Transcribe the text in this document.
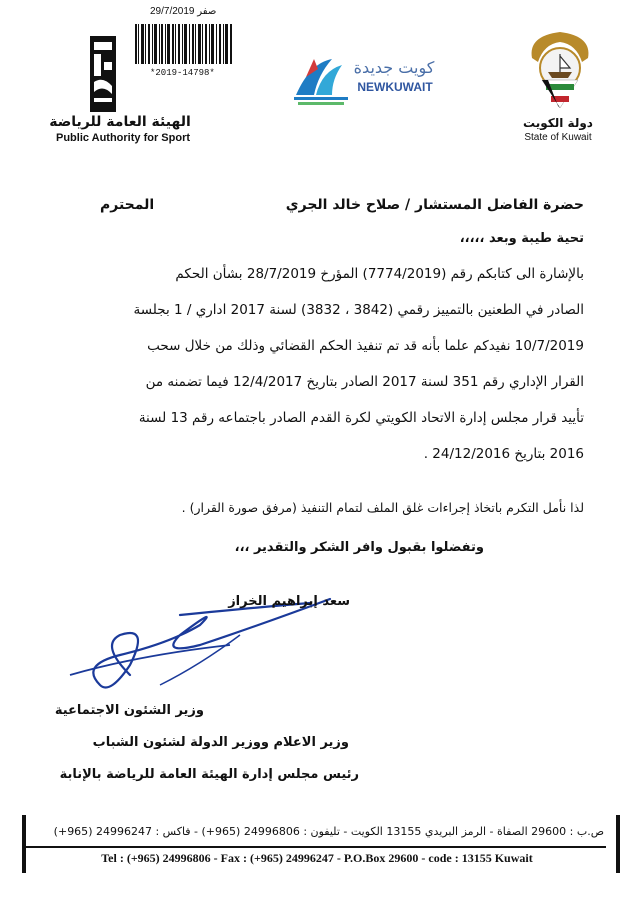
29/7/2019 صفر
*2019-14798*
الهيئة العامة للرياضة
Public Authority for Sport
كويت جديدة
NEWKUWAIT
دولة الكويت
State of Kuwait
حضرة الفاضل المستشار / صلاح خالد الجري
المحترم
تحية طيبة وبعد ،،،،،
بالإشارة الى كتابكم رقم (7774/2019) المؤرخ 28/7/2019 بشأن الحكم
الصادر في الطعنين بالتمييز رقمي (3842 ، 3832) لسنة 2017 اداري / 1 بجلسة
10/7/2019 نفيدكم علما بأنه قد تم تنفيذ الحكم القضائي وذلك من خلال سحب
القرار الإداري رقم 351 لسنة 2017 الصادر بتاريخ 12/4/2017 فيما تضمنه من
تأييد قرار مجلس إدارة الاتحاد الكويتي لكرة القدم الصادر باجتماعه رقم 13 لسنة
2016 بتاريخ 24/12/2016 .
لذا نأمل التكرم باتخاذ إجراءات غلق الملف لتمام التنفيذ (مرفق صورة القرار) .
وتفضلوا بقبول وافر الشكر والتقدير ،،،
سعد إبراهيم الخراز
وزير الشئون الاجتماعية
وزير الاعلام ووزير الدولة لشئون الشباب
رئيس مجلس إدارة الهيئة العامة للرياضة بالإنابة
ص.ب : 29600 الصفاة - الرمز البريدي 13155 الكويت - تليفون : 24996806 (965+) - فاكس : 24996247 (965+)
Tel : (+965) 24996806 - Fax : (+965) 24996247 - P.O.Box 29600 - code : 13155 Kuwait
